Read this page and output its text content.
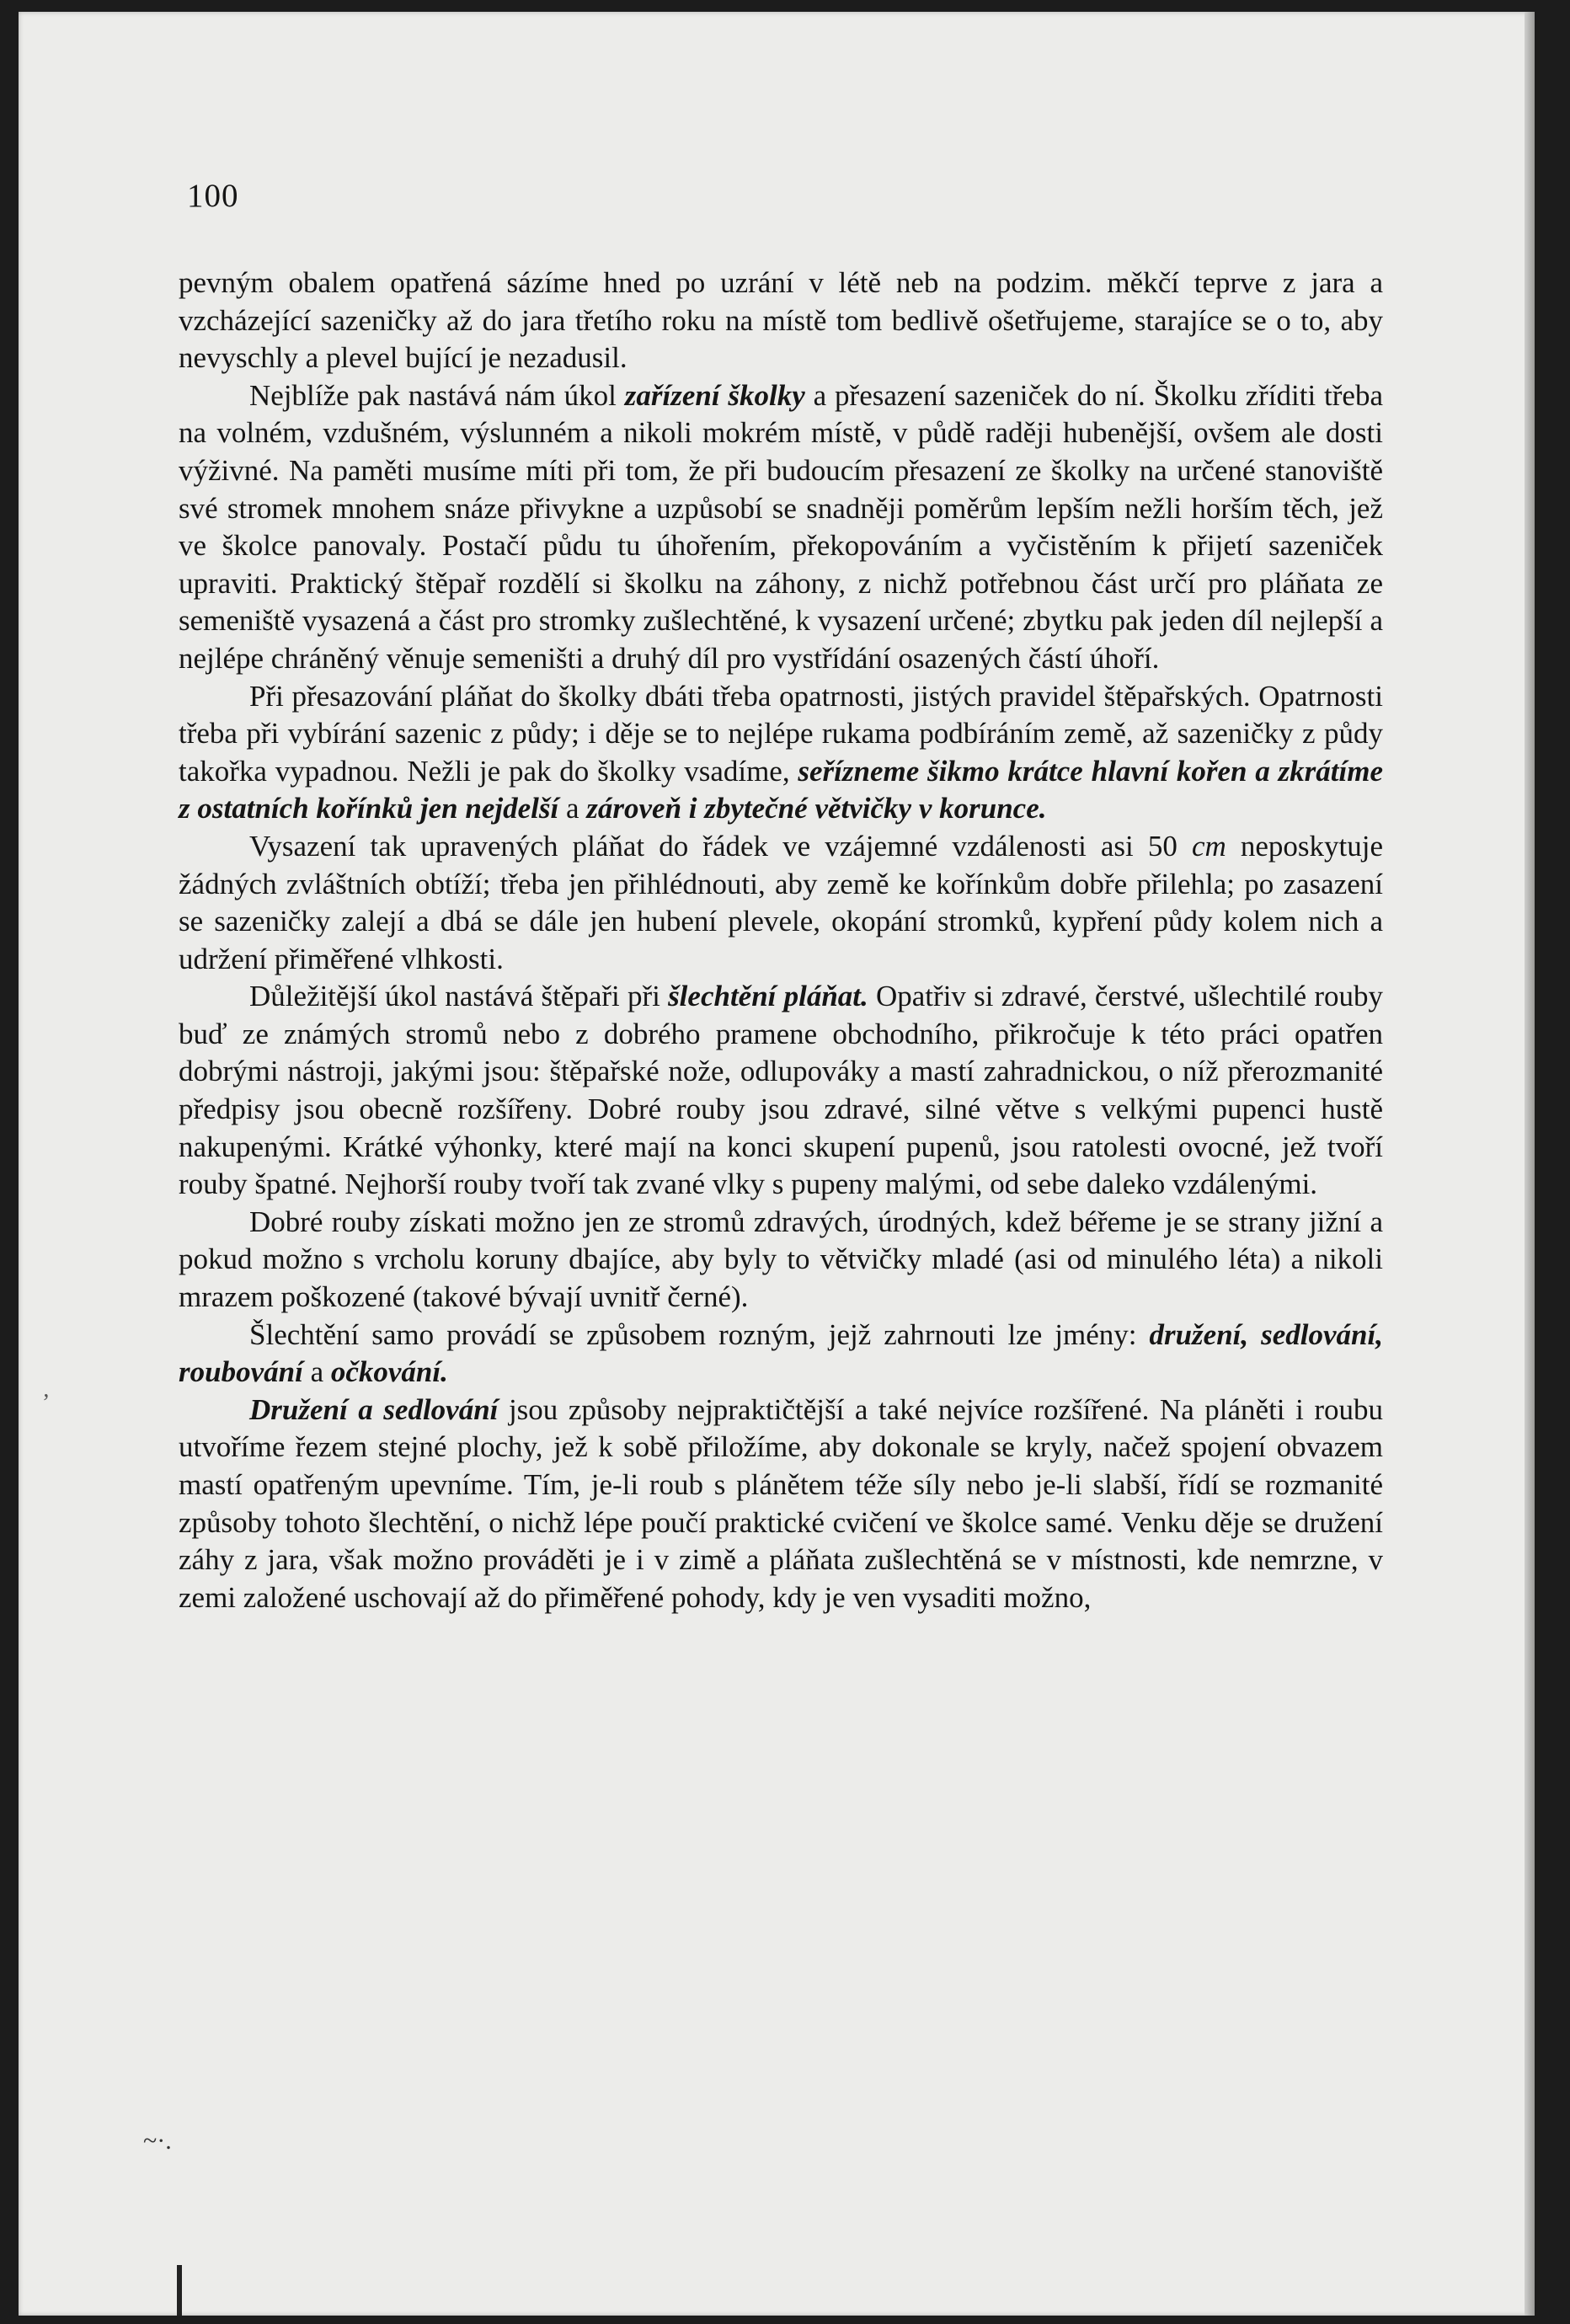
100

pevným obalem opatřená sázíme hned po uzrání v létě neb na podzim. měkčí teprve z jara a vzcházející sazeničky až do jara třetího roku na místě tom bedlivě ošetřujeme, starajíce se o to, aby nevyschly a plevel bující je nezadusil.

Nejblíže pak nastává nám úkol zařízení školky a přesazení sazeniček do ní. Školku zříditi třeba na volném, vzdušném, výslunném a nikoli mokrém místě, v půdě raději hubenější, ovšem ale dosti výživné. Na paměti musíme míti při tom, že při budoucím přesazení ze školky na určené stanoviště své stromek mnohem snáze přivykne a uzpůsobí se snadněji poměrům lepším nežli horším těch, jež ve školce panovaly. Postačí půdu tu úhořením, překopováním a vyčistěním k přijetí sazeniček upraviti. Praktický štěpař rozdělí si školku na záhony, z nichž potřebnou část určí pro pláňata ze semeniště vysazená a část pro stromky zušlechtěné, k vysazení určené; zbytku pak jeden díl nejlepší a nejlépe chráněný věnuje semeništi a druhý díl pro vystřídání osazených částí úhoří.

Při přesazování pláňat do školky dbáti třeba opatrnosti, jistých pravidel štěpařských. Opatrnosti třeba při vybírání sazenic z půdy; i děje se to nejlépe rukama podbíráním země, až sazeničky z půdy takořka vypadnou. Nežli je pak do školky vsadíme, seřízneme šikmo krátce hlavní kořen a zkrátíme z ostatních kořínků jen nejdelší a zároveň i zbytečné větvičky v korunce.

Vysazení tak upravených pláňat do řádek ve vzájemné vzdálenosti asi 50 cm neposkytuje žádných zvláštních obtíží; třeba jen přihlédnouti, aby země ke kořínkům dobře přilehla; po zasazení se sazeničky zalejí a dbá se dále jen hubení plevele, okopání stromků, kypření půdy kolem nich a udržení přiměřené vlhkosti.

Důležitější úkol nastává štěpaři při šlechtění pláňat. Opatřiv si zdravé, čerstvé, ušlechtilé rouby buď ze známých stromů nebo z dobrého pramene obchodního, přikročuje k této práci opatřen dobrými nástroji, jakými jsou: štěpařské nože, odlupováky a mastí zahradnickou, o níž přerozmanité předpisy jsou obecně rozšířeny. Dobré rouby jsou zdravé, silné větve s velkými pupenci hustě nakupenými. Krátké výhonky, které mají na konci skupení pupenů, jsou ratolesti ovocné, jež tvoří rouby špatné. Nejhorší rouby tvoří tak zvané vlky s pupeny malými, od sebe daleko vzdálenými.

Dobré rouby získati možno jen ze stromů zdravých, úrodných, kdež béřeme je se strany jižní a pokud možno s vrcholu koruny dbajíce, aby byly to větvičky mladé (asi od minulého léta) a nikoli mrazem poškozené (takové bývají uvnitř černé).

Šlechtění samo provádí se způsobem rozným, jejž zahrnouti lze jmény: družení, sedlování, roubování a očkování.

Družení a sedlování jsou způsoby nejpraktičtější a také nejvíce rozšířené. Na pláněti i roubu utvoříme řezem stejné plochy, jež k sobě přiložíme, aby dokonale se kryly, načež spojení obvazem mastí opatřeným upevníme. Tím, je-li roub s plánětem téže síly nebo je-li slabší, řídí se rozmanité způsoby tohoto šlechtění, o nichž lépe poučí praktické cvičení ve školce samé. Venku děje se družení záhy z jara, však možno prováděti je i v zimě a pláňata zušlechtěná se v místnosti, kde nemrzne, v zemi založené uschovají až do přiměřené pohody, kdy je ven vysaditi možno,

‚
~·.
